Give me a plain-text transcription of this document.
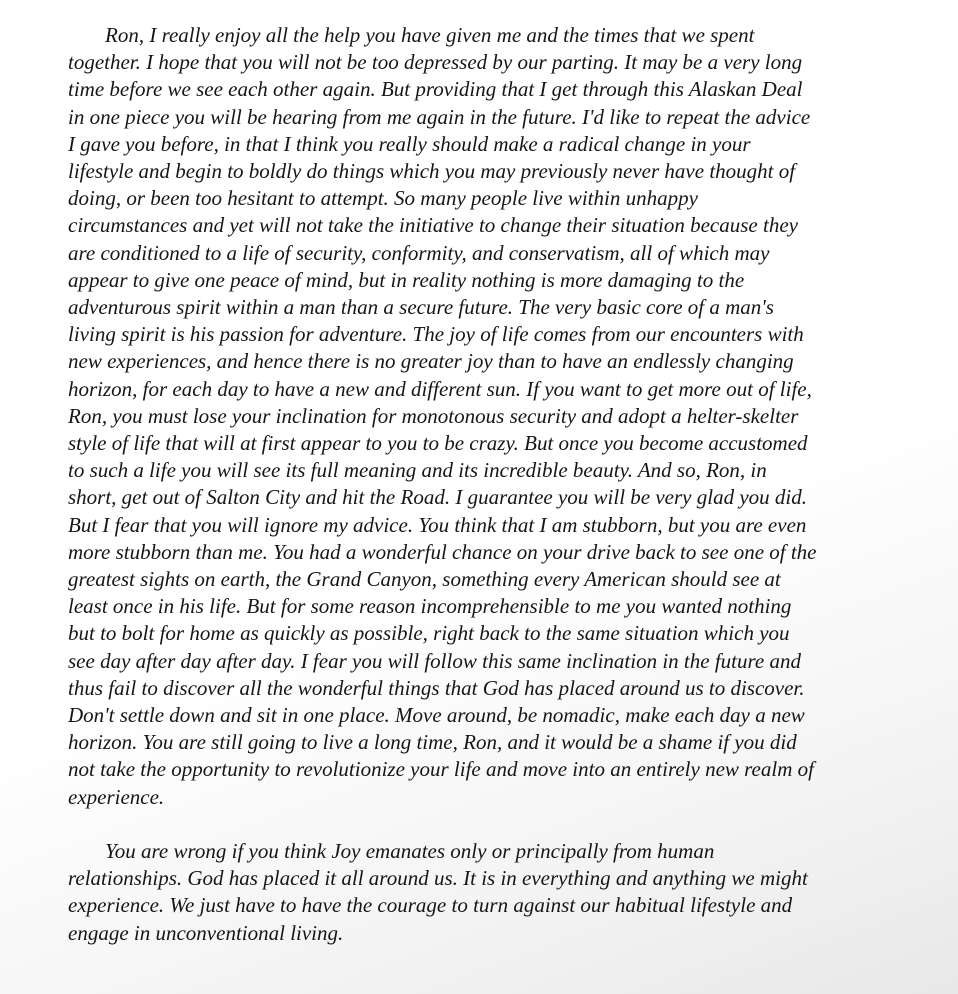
Ron, I really enjoy all the help you have given me and the times that we spent
together. I hope that you will not be too depressed by our parting. It may be a very long
time before we see each other again. But providing that I get through this Alaskan Deal
in one piece you will be hearing from me again in the future. I'd like to repeat the advice
I gave you before, in that I think you really should make a radical change in your
lifestyle and begin to boldly do things which you may previously never have thought of
doing, or been too hesitant to attempt. So many people live within unhappy
circumstances and yet will not take the initiative to change their situation because they
are conditioned to a life of security, conformity, and conservatism, all of which may
appear to give one peace of mind, but in reality nothing is more damaging to the
adventurous spirit within a man than a secure future. The very basic core of a man's
living spirit is his passion for adventure. The joy of life comes from our encounters with
new experiences, and hence there is no greater joy than to have an endlessly changing
horizon, for each day to have a new and different sun. If you want to get more out of life,
Ron, you must lose your inclination for monotonous security and adopt a helter-skelter
style of life that will at first appear to you to be crazy. But once you become accustomed
to such a life you will see its full meaning and its incredible beauty. And so, Ron, in
short, get out of Salton City and hit the Road. I guarantee you will be very glad you did.
But I fear that you will ignore my advice. You think that I am stubborn, but you are even
more stubborn than me. You had a wonderful chance on your drive back to see one of the
greatest sights on earth, the Grand Canyon, something every American should see at
least once in his life. But for some reason incomprehensible to me you wanted nothing
but to bolt for home as quickly as possible, right back to the same situation which you
see day after day after day. I fear you will follow this same inclination in the future and
thus fail to discover all the wonderful things that God has placed around us to discover.
Don't settle down and sit in one place. Move around, be nomadic, make each day a new
horizon. You are still going to live a long time, Ron, and it would be a shame if you did
not take the opportunity to revolutionize your life and move into an entirely new realm of
experience.
You are wrong if you think Joy emanates only or principally from human
relationships. God has placed it all around us. It is in everything and anything we might
experience. We just have to have the courage to turn against our habitual lifestyle and
engage in unconventional living.
